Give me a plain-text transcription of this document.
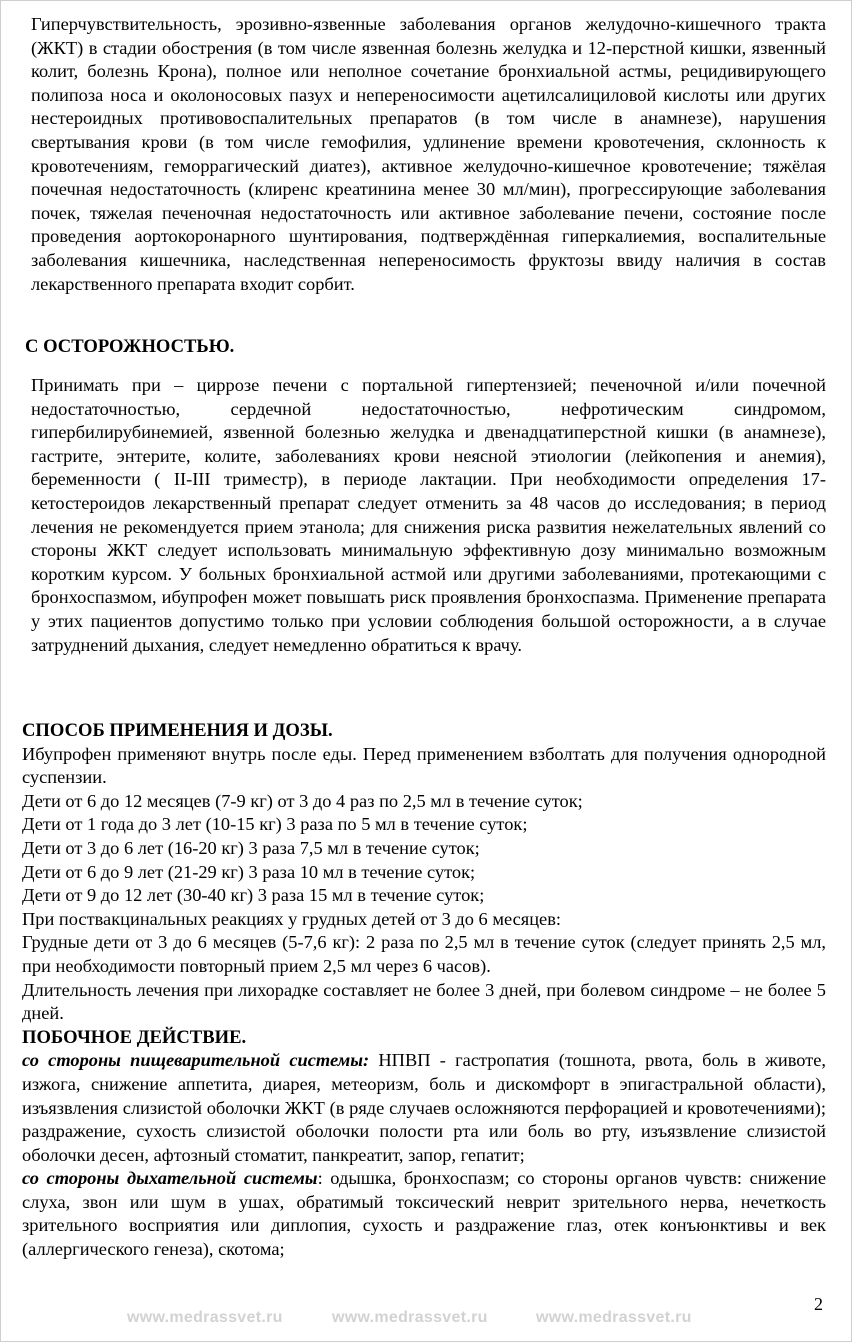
Гиперчувствительность, эрозивно-язвенные заболевания органов желудочно-кишечного тракта (ЖКТ) в стадии обострения (в том числе язвенная болезнь желудка и 12-перстной кишки, язвенный колит, болезнь Крона), полное или неполное сочетание бронхиальной астмы, рецидивирующего полипоза носа и околоносовых пазух и непереносимости ацетилсалициловой кислоты или других нестероидных противовоспалительных препаратов (в том числе в анамнезе), нарушения свертывания крови (в том числе гемофилия, удлинение времени кровотечения, склонность к кровотечениям, геморрагический диатез), активное желудочно-кишечное кровотечение; тяжёлая почечная недостаточность (клиренс креатинина менее 30 мл/мин), прогрессирующие заболевания почек, тяжелая печеночная недостаточность или активное заболевание печени, состояние после проведения аортокоронарного шунтирования, подтверждённая гиперкалиемия, воспалительные заболевания кишечника, наследственная непереносимость фруктозы ввиду наличия в состав лекарственного препарата входит сорбит.

С ОСТОРОЖНОСТЬЮ.

Принимать при – циррозе печени с портальной гипертензией; печеночной и/или почечной недостаточностью, сердечной недостаточностью, нефротическим синдромом, гипербилирубинемией, язвенной болезнью желудка и двенадцатиперстной кишки (в анамнезе), гастрите, энтерите, колите, заболеваниях крови неясной этиологии (лейкопения и анемия), беременности ( II-III триместр), в периоде лактации. При необходимости определения 17-кетостероидов лекарственный препарат следует отменить за 48 часов до исследования; в период лечения не рекомендуется прием этанола; для снижения риска развития нежелательных явлений со стороны ЖКТ следует использовать минимальную эффективную дозу минимально возможным коротким курсом. У больных бронхиальной астмой или другими заболеваниями, протекающими с бронхоспазмом, ибупрофен может повышать риск проявления бронхоспазма. Применение препарата у этих пациентов допустимо только при условии соблюдения большой осторожности, а в случае затруднений дыхания, следует немедленно обратиться к врачу.

СПОСОБ ПРИМЕНЕНИЯ И ДОЗЫ.

Ибупрофен применяют внутрь после еды. Перед применением взболтать для получения однородной суспензии.

Дети от 6 до 12 месяцев (7-9 кг) от 3 до 4 раз по 2,5 мл в течение суток;

Дети от 1 года до 3 лет (10-15 кг) 3 раза по 5 мл в течение суток;

Дети от 3 до 6 лет (16-20 кг) 3 раза 7,5 мл в течение суток;

Дети от 6 до 9 лет (21-29 кг) 3 раза 10 мл в течение суток;

Дети от 9 до 12 лет (30-40 кг) 3 раза 15 мл в течение суток;

При поствакцинальных реакциях у грудных детей от 3 до 6 месяцев:

Грудные дети от 3 до 6 месяцев (5-7,6 кг): 2 раза по 2,5 мл в течение суток (следует принять 2,5 мл, при необходимости повторный прием 2,5 мл через 6 часов).

Длительность лечения при лихорадке составляет не более 3 дней, при болевом синдроме – не более 5 дней.

ПОБОЧНОЕ ДЕЙСТВИЕ.

со стороны пищеварительной системы: НПВП - гастропатия (тошнота, рвота, боль в животе, изжога, снижение аппетита, диарея, метеоризм, боль и дискомфорт в эпигастральной области), изъязвления слизистой оболочки ЖКТ (в ряде случаев осложняются перфорацией и кровотечениями); раздражение, сухость слизистой оболочки полости рта или боль во рту, изъязвление слизистой оболочки десен, афтозный стоматит, панкреатит, запор, гепатит;

со стороны дыхательной системы: одышка, бронхоспазм; со стороны органов чувств: снижение слуха, звон или шум в ушах, обратимый токсический неврит зрительного нерва, нечеткость зрительного восприятия или диплопия, сухость и раздражение глаз, отек конъюнктивы и век (аллергического генеза), скотома;

www.medrassvet.ru	www.medrassvet.ru	www.medrassvet.ru
2
